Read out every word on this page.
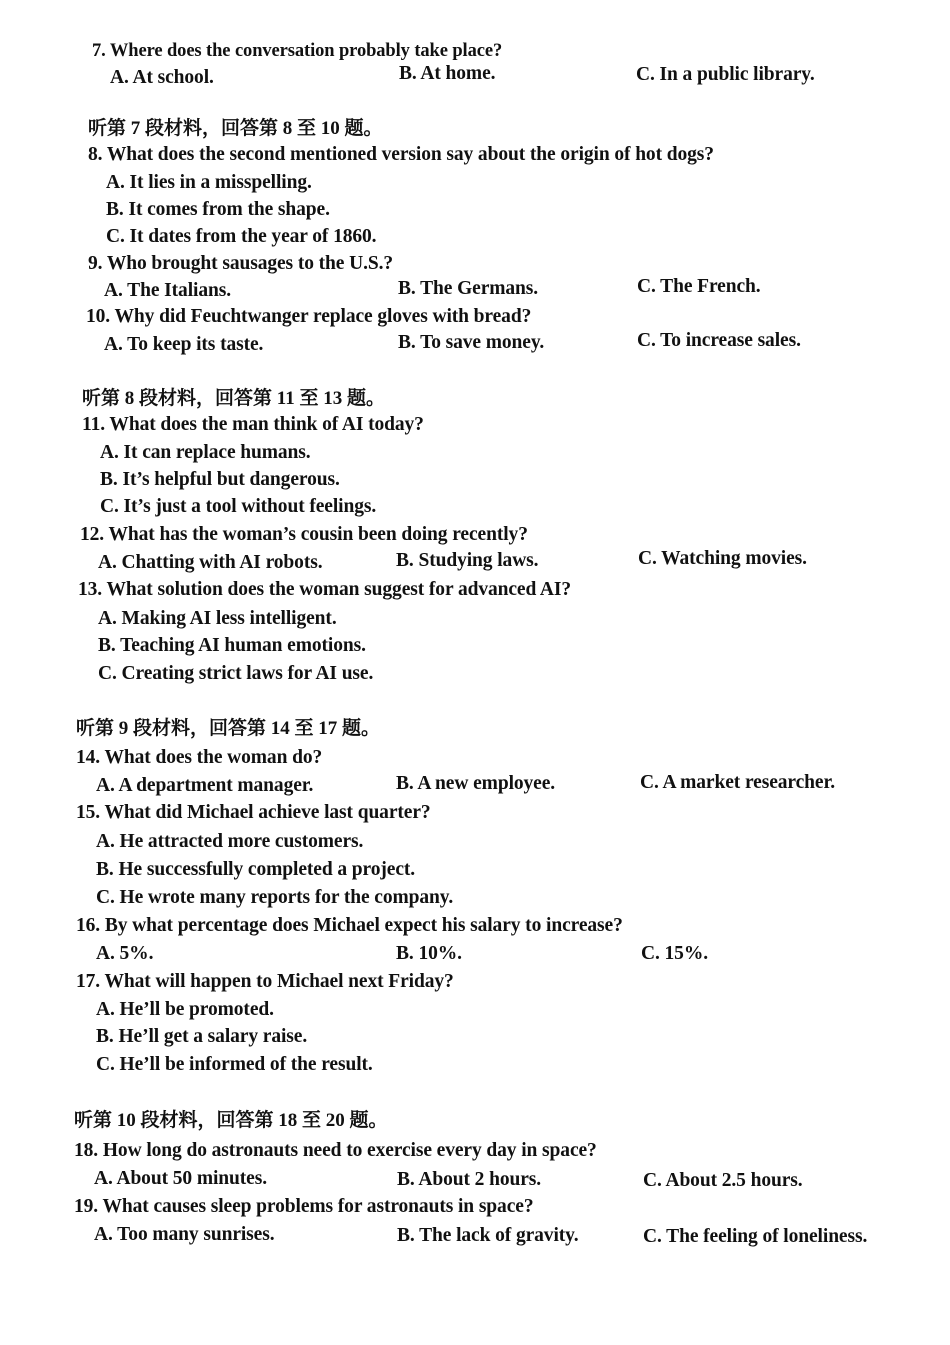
7. Where does the conversation probably take place?
A. At school.	B. At home.	C. In a public library.
听第 7 段材料，回答第 8 至 10 题。
8. What does the second mentioned version say about the origin of hot dogs?
A. It lies in a misspelling.
B. It comes from the shape.
C. It dates from the year of 1860.
9. Who brought sausages to the U.S.?
A. The Italians.	B. The Germans.	C. The French.
10. Why did Feuchtwanger replace gloves with bread?
A. To keep its taste.	B. To save money.	C. To increase sales.
听第 8 段材料，回答第 11 至 13 题。
11. What does the man think of AI today?
A. It can replace humans.
B. It’s helpful but dangerous.
C. It’s just a tool without feelings.
12. What has the woman’s cousin been doing recently?
A. Chatting with AI robots.	B. Studying laws.	C. Watching movies.
13. What solution does the woman suggest for advanced AI?
A. Making AI less intelligent.
B. Teaching AI human emotions.
C. Creating strict laws for AI use.
听第 9 段材料，回答第 14 至 17 题。
14. What does the woman do?
A. A department manager.	B. A new employee.	C. A market researcher.
15. What did Michael achieve last quarter?
A. He attracted more customers.
B. He successfully completed a project.
C. He wrote many reports for the company.
16. By what percentage does Michael expect his salary to increase?
A. 5%.	B. 10%.	C. 15%.
17. What will happen to Michael next Friday?
A. He’ll be promoted.
B. He’ll get a salary raise.
C. He’ll be informed of the result.
听第 10 段材料，回答第 18 至 20 题。
18. How long do astronauts need to exercise every day in space?
A. About 50 minutes.	B. About 2 hours.	C. About 2.5 hours.
19. What causes sleep problems for astronauts in space?
A. Too many sunrises.	B. The lack of gravity.	C. The feeling of loneliness.
